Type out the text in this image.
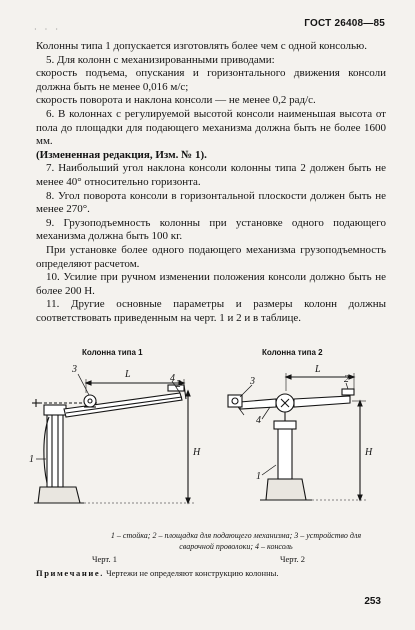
· · ·
ГОСТ 26408—85

Колонны типа 1 допускается изготовлять более чем с одной консолью.

5. Для колонн с механизированными приводами:

скорость подъема, опускания и горизонтального движения консоли должна быть не менее 0,016 м/с;

скорость поворота и наклона консоли — не менее 0,2 рад/с.

6. В колоннах с регулируемой высотой консоли наименьшая высота от пола до площадки для подающего механизма должна быть не более 1600 мм.

(Измененная редакция, Изм. № 1).

7. Наибольший угол наклона консоли колонны типа 2 должен быть не менее 40° относительно горизонта.

8. Угол поворота консоли в горизонтальной плоскости должен быть не менее 270°.

9. Грузоподъемность колонны при установке одного подающего механизма должна быть 100 кг.

При установке более одного подающего механизма грузоподъемность определяют расчетом.

10. Усилие при ручном изменении положения консоли должно быть не более 200 Н.

11. Другие основные параметры и размеры колонн должны соответствовать приведенным на черт. 1 и 2 и в таблице.

Колонна типа 1	Колонна типа 2
3	L	4
2
H
1
3
L
2
4
H
1
1 – стойка; 2 – площадка для подающего механизма; 3 – устройство для сварочной проволоки; 4 – консоль
Черт. 1	Черт. 2
Примечание. Чертежи не определяют конструкцию колонны.
253
